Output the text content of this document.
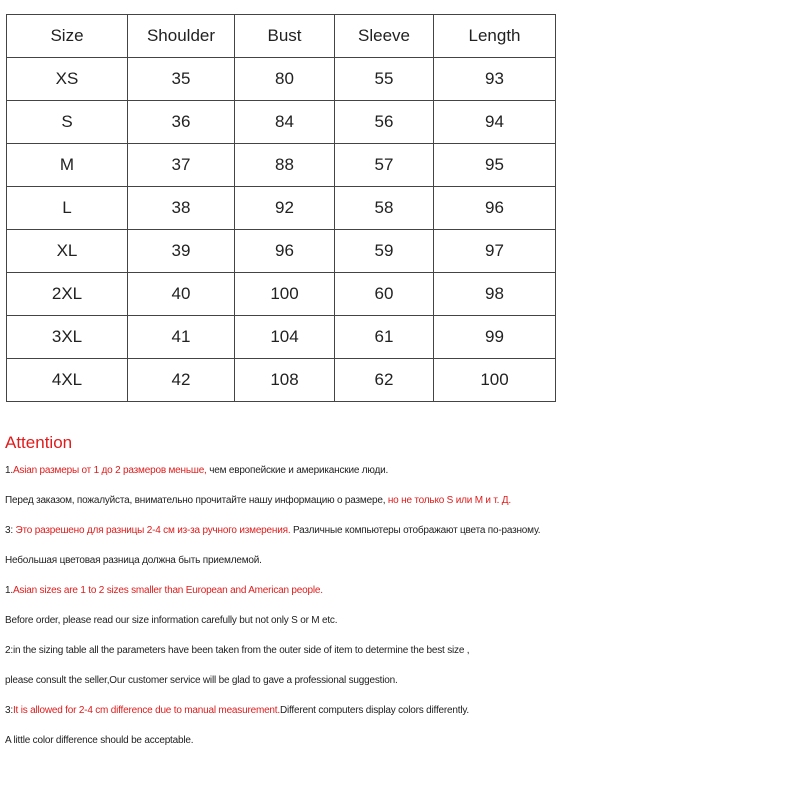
Size	Shoulder	Bust	Sleeve	Length
XS	35	80	55	93
S	36	84	56	94
M	37	88	57	95
L	38	92	58	96
XL	39	96	59	97
2XL	40	100	60	98
3XL	41	104	61	99
4XL	42	108	62	100
Attention
1.Asian размеры от 1 до 2 размеров меньше, чем европейские и американские люди.
Перед заказом, пожалуйста, внимательно прочитайте нашу информацию о размере, но не только S или M и т. Д.
3: Это разрешено для разницы 2-4 см из-за ручного измерения. Различные компьютеры отображают цвета по-разному.
Небольшая цветовая разница должна быть приемлемой.
1.Asian sizes are 1 to 2 sizes smaller than European and American people.
Before order, please read our size information carefully but not only S or M etc.
2:in the sizing table all the parameters have been taken from the outer side of item to determine the best size ,
please consult the seller,Our customer service will be glad to gave a professional suggestion.
3:It is allowed for 2-4 cm difference due to manual measurement.Different computers display colors differently.
A little color difference should be acceptable.
